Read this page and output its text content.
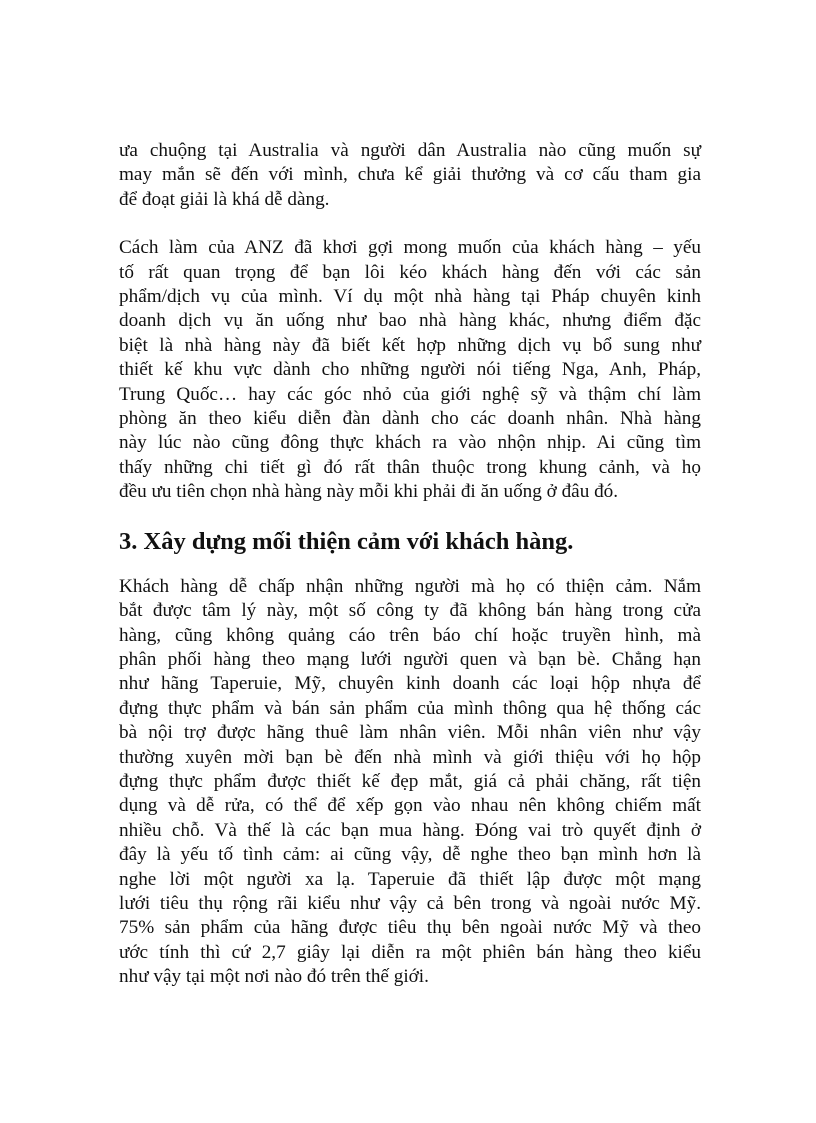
ưa chuộng tại Australia và người dân Australia nào cũng muốn sự
may mắn sẽ đến với mình, chưa kể giải thưởng và cơ cấu tham gia
để đoạt giải là khá dễ dàng.

Cách làm của ANZ đã khơi gợi mong muốn của khách hàng – yếu
tố rất quan trọng để bạn lôi kéo khách hàng đến với các sản
phẩm/dịch vụ của mình. Ví dụ một nhà hàng tại Pháp chuyên kinh
doanh dịch vụ ăn uống như bao nhà hàng khác, nhưng điểm đặc
biệt là nhà hàng này đã biết kết hợp những dịch vụ bổ sung như
thiết kế khu vực dành cho những người nói tiếng Nga, Anh, Pháp,
Trung Quốc… hay các góc nhỏ của giới nghệ sỹ và thậm chí làm
phòng ăn theo kiểu diễn đàn dành cho các doanh nhân. Nhà hàng
này lúc nào cũng đông thực khách ra vào nhộn nhịp. Ai cũng tìm
thấy những chi tiết gì đó rất thân thuộc trong khung cảnh, và họ
đều ưu tiên chọn nhà hàng này mỗi khi phải đi ăn uống ở đâu đó.

3. Xây dựng mối thiện cảm với khách hàng.

Khách hàng dễ chấp nhận những người mà họ có thiện cảm. Nắm
bắt được tâm lý này, một số công ty đã không bán hàng trong cửa
hàng, cũng không quảng cáo trên báo chí hoặc truyền hình, mà
phân phối hàng theo mạng lưới người quen và bạn bè. Chẳng hạn
như hãng Taperuie, Mỹ, chuyên kinh doanh các loại hộp nhựa để
đựng thực phẩm và bán sản phẩm của mình thông qua hệ thống các
bà nội trợ được hãng thuê làm nhân viên. Mỗi nhân viên như vậy
thường xuyên mời bạn bè đến nhà mình và giới thiệu với họ hộp
đựng thực phẩm được thiết kế đẹp mắt, giá cả phải chăng, rất tiện
dụng và dễ rửa, có thể để xếp gọn vào nhau nên không chiếm mất
nhiều chỗ. Và thế là các bạn mua hàng. Đóng vai trò quyết định ở
đây là yếu tố tình cảm: ai cũng vậy, dễ nghe theo bạn mình hơn là
nghe lời một người xa lạ. Taperuie đã thiết lập được một mạng
lưới tiêu thụ rộng rãi kiểu như vậy cả bên trong và ngoài nước Mỹ.
75% sản phẩm của hãng được tiêu thụ bên ngoài nước Mỹ và theo
ước tính thì cứ 2,7 giây lại diễn ra một phiên bán hàng theo kiểu
như vậy tại một nơi nào đó trên thế giới.
